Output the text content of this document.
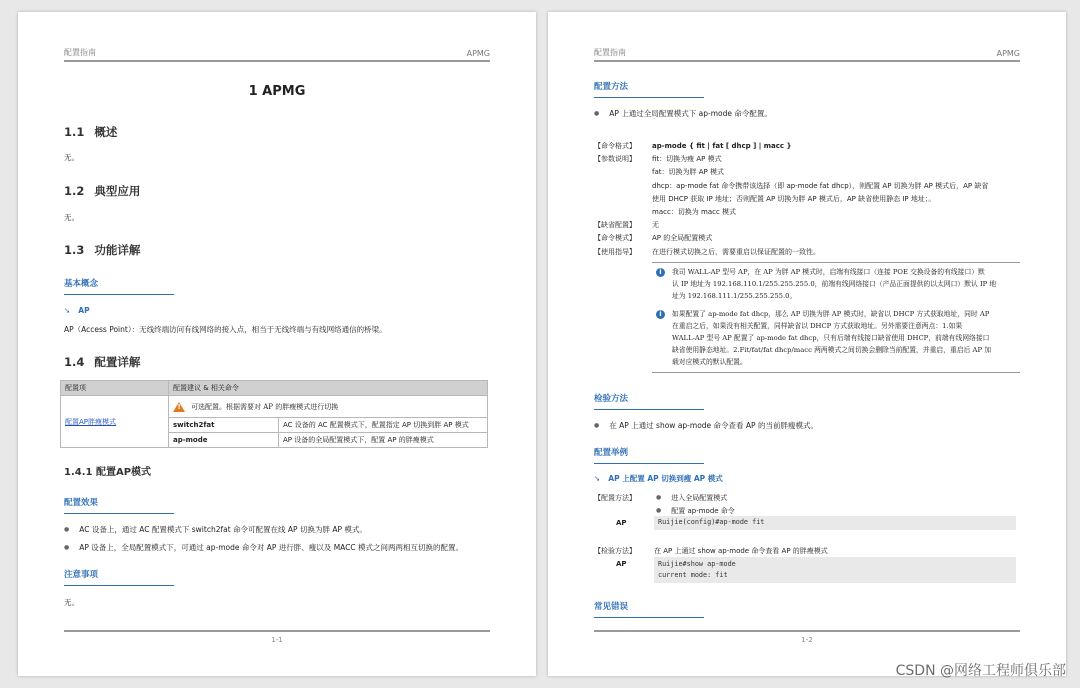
配置指南	APMG
1 APMG
1.1 概述
无。
1.2 典型应用
无。
1.3 功能详解
基本概念
➘ AP
AP（Access Point）：无线终端访问有线网络的接入点，相当于无线终端与有线网络通信的桥梁。
1.4 配置详解
配置项	配置建议 & 相关命令	
配置AP胖瘦模式	!可选配置。根据需要对 AP 的胖瘦模式进行切换
	switch2fat	AC 设备的 AC 配置模式下，配置指定 AP 切换到胖 AP 模式
	ap-mode	AP 设备的全局配置模式下，配置 AP 的胖瘦模式
1.4.1 配置AP模式
配置效果
● AC 设备上，通过 AC 配置模式下 switch2fat 命令可配置在线 AP 切换为胖 AP 模式。
● AP 设备上，全局配置模式下，可通过 ap-mode 命令对 AP 进行胖、瘦以及 MACC 模式之间两两相互切换的配置。
注意事项
无。
1-1
配置指南	APMG
配置方法
● AP 上通过全局配置模式下 ap-mode 命令配置。
【命令格式】 ap-mode { fit | fat [ dhcp ] | macc }
【参数说明】 fit：切换为瘦 AP 模式
fat：切换为胖 AP 模式
dhcp：ap-mode fat 命令携带该选择（即 ap-mode fat dhcp），则配置 AP 切换为胖 AP 模式后，AP 缺省
使用 DHCP 获取 IP 地址；否则配置 AP 切换为胖 AP 模式后，AP 缺省使用静态 IP 地址；。
macc：切换为 macc 模式
【缺省配置】 无
【命令模式】 AP 的全局配置模式
【使用指导】 在进行模式切换之后，需要重启以保证配置的一致性。
i	我司 WALL-AP 型号 AP，在 AP 为胖 AP 模式时，启端有线接口（连接 POE 交换设备的有线接口）默
认 IP 地址为 192.168.110.1/255.255.255.0，前端有线网络接口（产品正面提供的以太网口）默认 IP 地
址为 192.168.111.1/255.255.255.0。
i	如果配置了 ap-mode fat dhcp，那么 AP 切换为胖 AP 模式时，缺省以 DHCP 方式获取地址，同时 AP
在重启之后，如果没有相关配置，同样缺省以 DHCP 方式获取地址。另外需要注意两点：1.如果
WALL-AP 型号 AP 配置了 ap-mode fat dhcp，只有后端有线接口缺省使用 DHCP，前端有线网络接口
缺省使用静态地址。2.Fit/fat/fat dhcp/macc 两两模式之间切换会删除当前配置，并重启，重启后 AP 加
载对应模式的默认配置。
检验方法
● 在 AP 上通过 show ap-mode 命令查看 AP 的当前胖瘦模式。
配置举例
➘ AP 上配置 AP 切换到瘦 AP 模式
【配置方法】	● 进入全局配置模式
● 配置 ap-mode 命令
AP	Ruijie(config)#ap-mode fit
【检验方法】	在 AP 上通过 show ap-mode 命令查看 AP 的胖瘦模式
AP	Ruijie#show ap-mode
current mode: fit
常见错误
1-2
CSDN @网络工程师俱乐部
